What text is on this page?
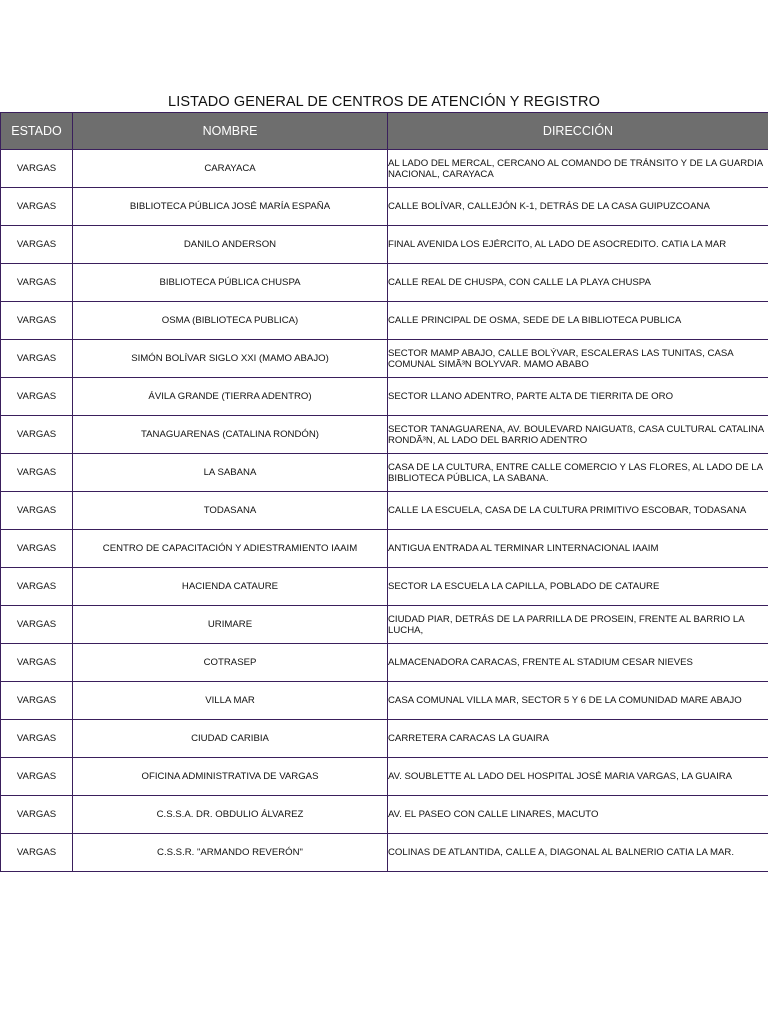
LISTADO GENERAL DE CENTROS DE ATENCIÓN Y REGISTRO
ESTADO	NOMBRE	DIRECCIÓN
VARGAS	CARAYACA	AL LADO DEL MERCAL, CERCANO AL COMANDO DE TRÁNSITO Y DE LA GUARDIA NACIONAL, CARAYACA
VARGAS	BIBLIOTECA PÚBLICA JOSÉ MARÍA ESPAÑA	CALLE BOLÍVAR, CALLEJÓN K-1, DETRÁS DE LA CASA GUIPUZCOANA
VARGAS	DANILO ANDERSON	FINAL AVENIDA LOS EJÉRCITO, AL LADO DE ASOCREDITO. CATIA LA MAR
VARGAS	BIBLIOTECA PÚBLICA CHUSPA	CALLE REAL DE CHUSPA, CON CALLE LA PLAYA CHUSPA
VARGAS	OSMA (BIBLIOTECA PUBLICA)	CALLE PRINCIPAL DE OSMA, SEDE DE LA BIBLIOTECA PUBLICA
VARGAS	SIMÓN BOLÍVAR SIGLO XXI (MAMO ABAJO)	SECTOR MAMP ABAJO, CALLE BOLÝVAR, ESCALERAS LAS TUNITAS, CASA COMUNAL SIMÃ³N BOLYVAR. MAMO ABABO
VARGAS	ÁVILA GRANDE (TIERRA ADENTRO)	SECTOR LLANO ADENTRO, PARTE ALTA DE TIERRITA DE ORO
VARGAS	TANAGUARENAS (CATALINA RONDÓN)	SECTOR TANAGUARENA, AV. BOULEVARD NAIGUATß, CASA CULTURAL CATALINA RONDÃ³N, AL LADO DEL BARRIO ADENTRO
VARGAS	LA SABANA	CASA DE LA CULTURA, ENTRE CALLE COMERCIO Y LAS FLORES, AL LADO DE LA BIBLIOTECA PÚBLICA, LA SABANA.
VARGAS	TODASANA	CALLE LA ESCUELA, CASA DE LA CULTURA PRIMITIVO ESCOBAR, TODASANA
VARGAS	CENTRO DE CAPACITACIÓN Y ADIESTRAMIENTO IAAIM	ANTIGUA ENTRADA AL TERMINAR LINTERNACIONAL IAAIM
VARGAS	HACIENDA CATAURE	SECTOR LA ESCUELA LA CAPILLA, POBLADO DE CATAURE
VARGAS	URIMARE	CIUDAD PIAR, DETRÁS DE LA PARRILLA DE PROSEIN, FRENTE AL BARRIO LA LUCHA,
VARGAS	COTRASEP	ALMACENADORA CARACAS, FRENTE AL STADIUM CESAR NIEVES
VARGAS	VILLA MAR	CASA COMUNAL VILLA MAR, SECTOR 5 Y 6 DE LA COMUNIDAD MARE ABAJO
VARGAS	CIUDAD CARIBIA	CARRETERA CARACAS LA GUAIRA
VARGAS	OFICINA ADMINISTRATIVA DE VARGAS	AV. SOUBLETTE AL LADO DEL HOSPITAL JOSÉ MARIA VARGAS, LA GUAIRA
VARGAS	C.S.S.A. DR. OBDULIO ÁLVAREZ	AV. EL PASEO CON CALLE LINARES, MACUTO
VARGAS	C.S.S.R. "ARMANDO REVERÓN"	COLINAS DE ATLANTIDA, CALLE A, DIAGONAL AL BALNERIO CATIA LA MAR.
